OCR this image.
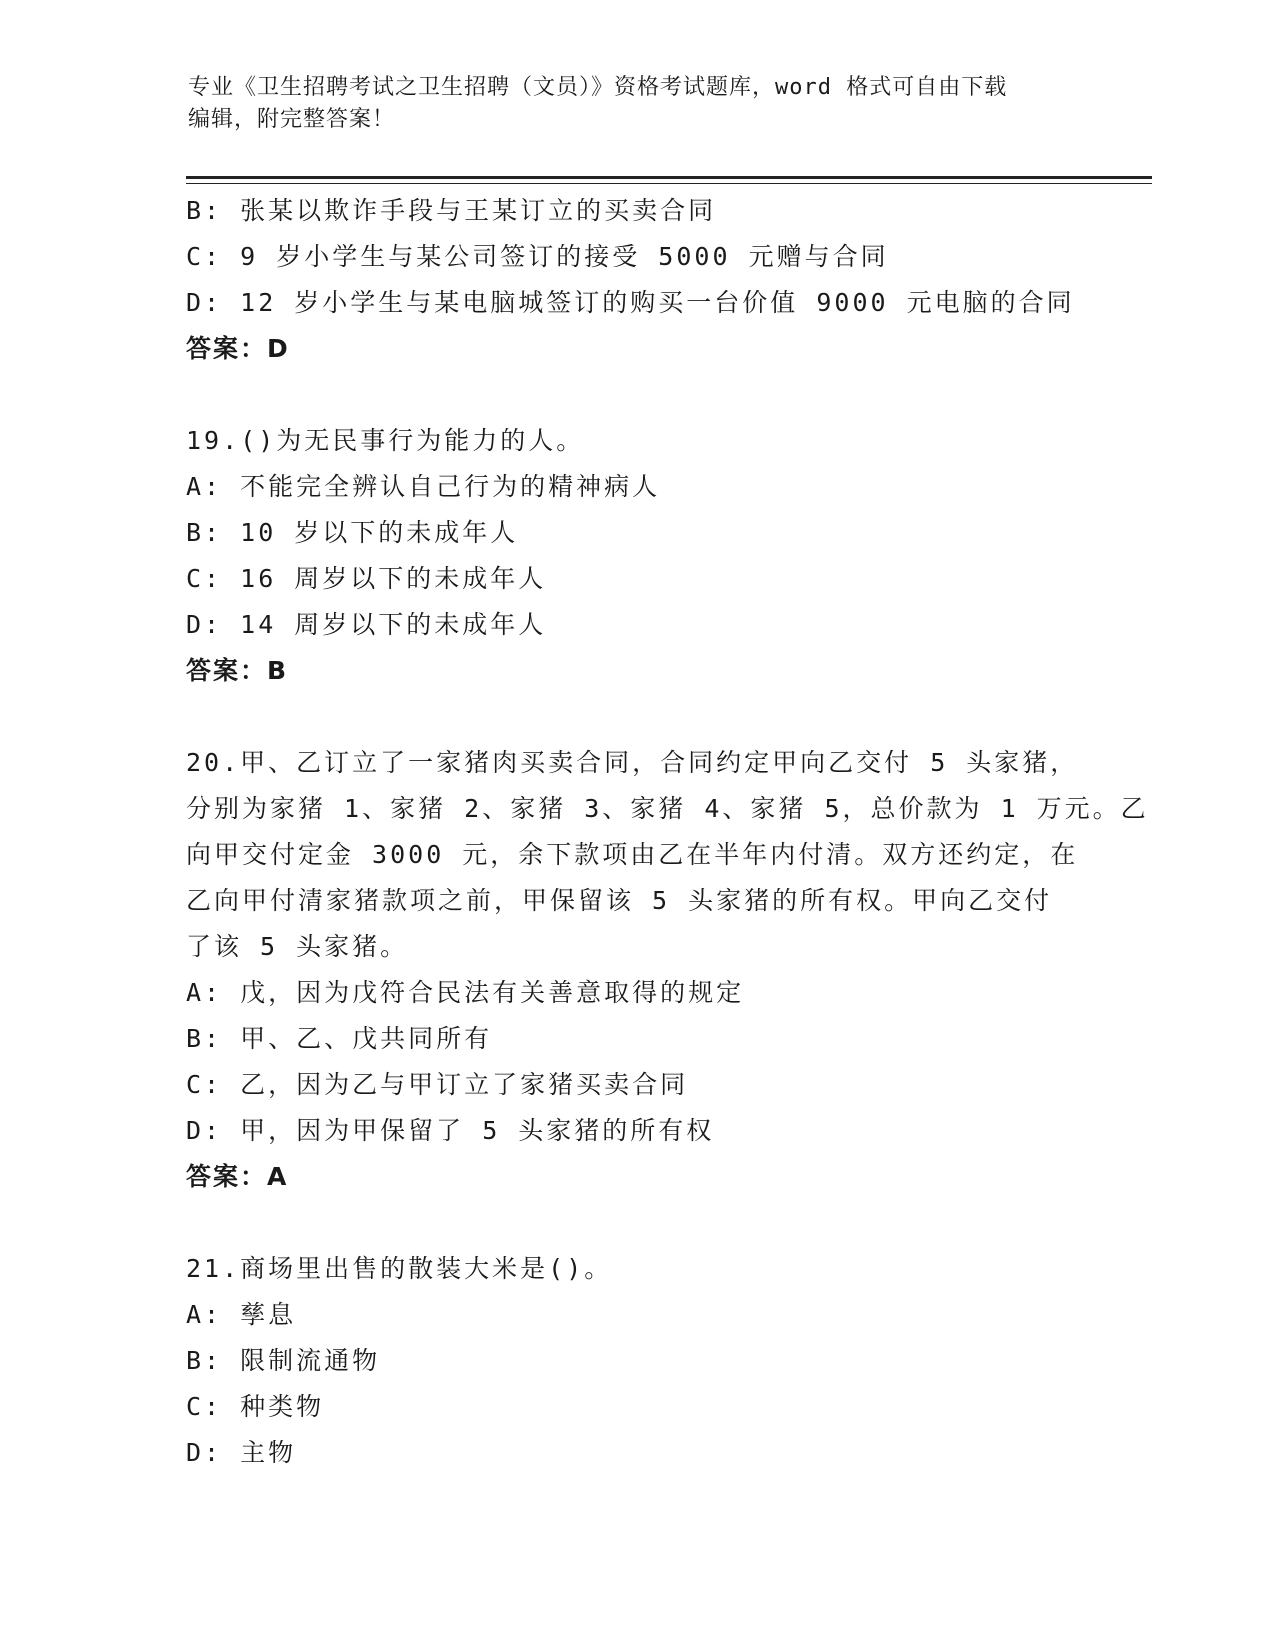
专业《卫生招聘考试之卫生招聘（文员）》资格考试题库，word 格式可自由下载
编辑，附完整答案！
B: 张某以欺诈手段与王某订立的买卖合同
C: 9 岁小学生与某公司签订的接受 5000 元赠与合同
D: 12 岁小学生与某电脑城签订的购买一台价值 9000 元电脑的合同
答案：D
19.()为无民事行为能力的人。
A: 不能完全辨认自己行为的精神病人
B: 10 岁以下的未成年人
C: 16 周岁以下的未成年人
D: 14 周岁以下的未成年人
答案：B
20.甲、乙订立了一家猪肉买卖合同，合同约定甲向乙交付 5 头家猪，
分别为家猪 1、家猪 2、家猪 3、家猪 4、家猪 5，总价款为 1 万元。乙
向甲交付定金 3000 元，余下款项由乙在半年内付清。双方还约定，在
乙向甲付清家猪款项之前，甲保留该 5 头家猪的所有权。甲向乙交付
了该 5 头家猪。
A: 戊，因为戊符合民法有关善意取得的规定
B: 甲、乙、戊共同所有
C: 乙，因为乙与甲订立了家猪买卖合同
D: 甲，因为甲保留了 5 头家猪的所有权
答案：A
21.商场里出售的散装大米是()。
A: 孳息
B: 限制流通物
C: 种类物
D: 主物
